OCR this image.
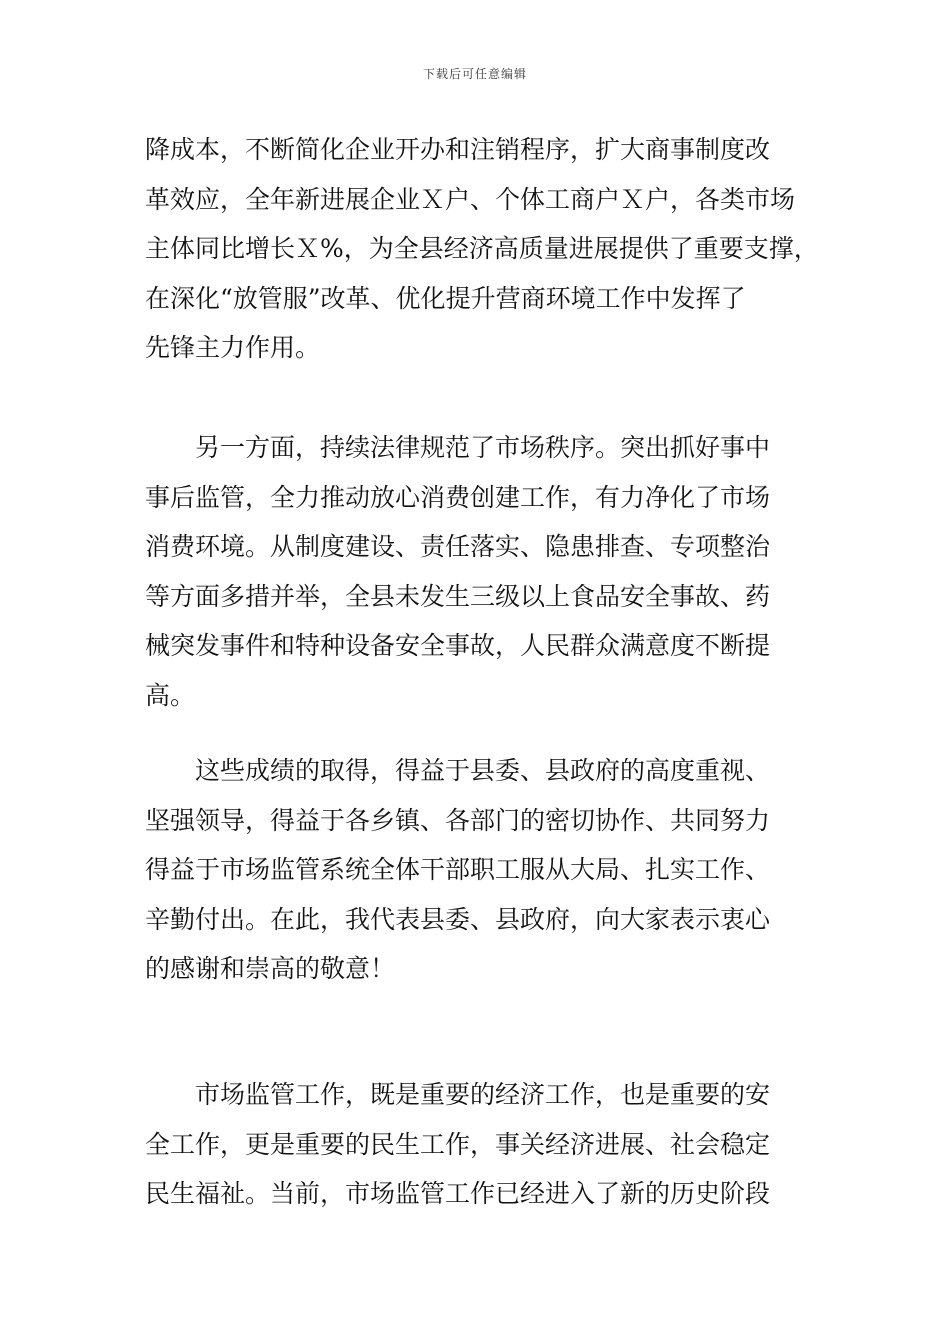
下载后可任意编辑
降成本，不断简化企业开办和注销程序，扩大商事制度改
革效应，全年新进展企业Ｘ户、个体工商户Ｘ户，各类市场
主体同比增长Ｘ%，为全县经济高质量进展提供了重要支撑，
在深化“放管服”改革、优化提升营商环境工作中发挥了
先锋主力作用。
　　另一方面，持续法律规范了市场秩序。突出抓好事中
事后监管，全力推动放心消费创建工作，有力净化了市场
消费环境。从制度建设、责任落实、隐患排查、专项整治
等方面多措并举，全县未发生三级以上食品安全事故、药
械突发事件和特种设备安全事故，人民群众满意度不断提
高。
　　这些成绩的取得，得益于县委、县政府的高度重视、
坚强领导，得益于各乡镇、各部门的密切协作、共同努力
得益于市场监管系统全体干部职工服从大局、扎实工作、
辛勤付出。在此，我代表县委、县政府，向大家表示衷心
的感谢和崇高的敬意！
　　市场监管工作，既是重要的经济工作，也是重要的安
全工作，更是重要的民生工作，事关经济进展、社会稳定
民生福祉。当前，市场监管工作已经进入了新的历史阶段
